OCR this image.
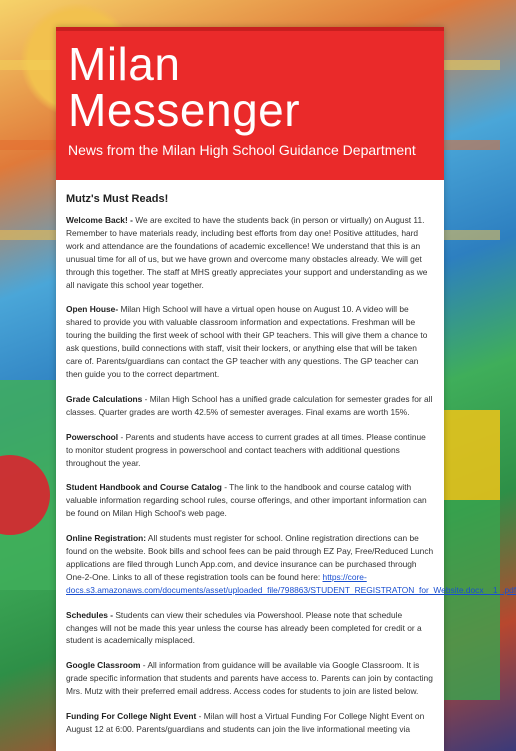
Milan
Messenger
News from the Milan High School Guidance Department
Mutz's Must Reads!

Welcome Back! - We are excited to have the students back (in person or virtually) on August 11. Remember to have materials ready, including best efforts from day one! Positive attitudes, hard work and attendance are the foundations of academic excellence! We understand that this is an unusual time for all of us, but we have grown and overcome many obstacles already. We will get through this together. The staff at MHS greatly appreciates your support and understanding as we all navigate this school year together.

Open House- Milan High School will have a virtual open house on August 10. A video will be shared to provide you with valuable classroom information and expectations. Freshman will be touring the building the first week of school with their GP teachers. This will give them a chance to ask questions, build connections with staff, visit their lockers, or anything else that will be taken care of. Parents/guardians can contact the GP teacher with any questions. The GP teacher can then guide you to the correct department.

Grade Calculations - Milan High School has a unified grade calculation for semester grades for all classes. Quarter grades are worth 42.5% of semester averages. Final exams are worth 15%.

Powerschool - Parents and students have access to current grades at all times. Please continue to monitor student progress in powerschool and contact teachers with additional questions throughout the year.

Student Handbook and Course Catalog - The link to the handbook and course catalog with valuable information regarding school rules, course offerings, and other important information can be found on Milan High School's web page.

Online Registration: All students must register for school. Online registration directions can be found on the website. Book bills and school fees can be paid through EZ Pay, Free/Reduced Lunch applications are filed through Lunch App.com, and device insurance can be purchased through One-2-One. Links to all of these registration tools can be found here: https://core-docs.s3.amazonaws.com/documents/asset/uploaded_file/798863/STUDENT_REGISTRATON_for_Website.docx__1_.pdf

Schedules - Students can view their schedules via Powershool. Please note that schedule changes will not be made this year unless the course has already been completed for credit or a student is academically misplaced.

Google Classroom - All information from guidance will be available via Google Classroom. It is grade specific information that students and parents have access to. Parents can join by contacting Mrs. Mutz with their preferred email address. Access codes for students to join are listed below.

Funding For College Night Event - Milan will host a Virtual Funding For College Night Event on August 12 at 6:00. Parents/guardians and students can join the live informational meeting via
